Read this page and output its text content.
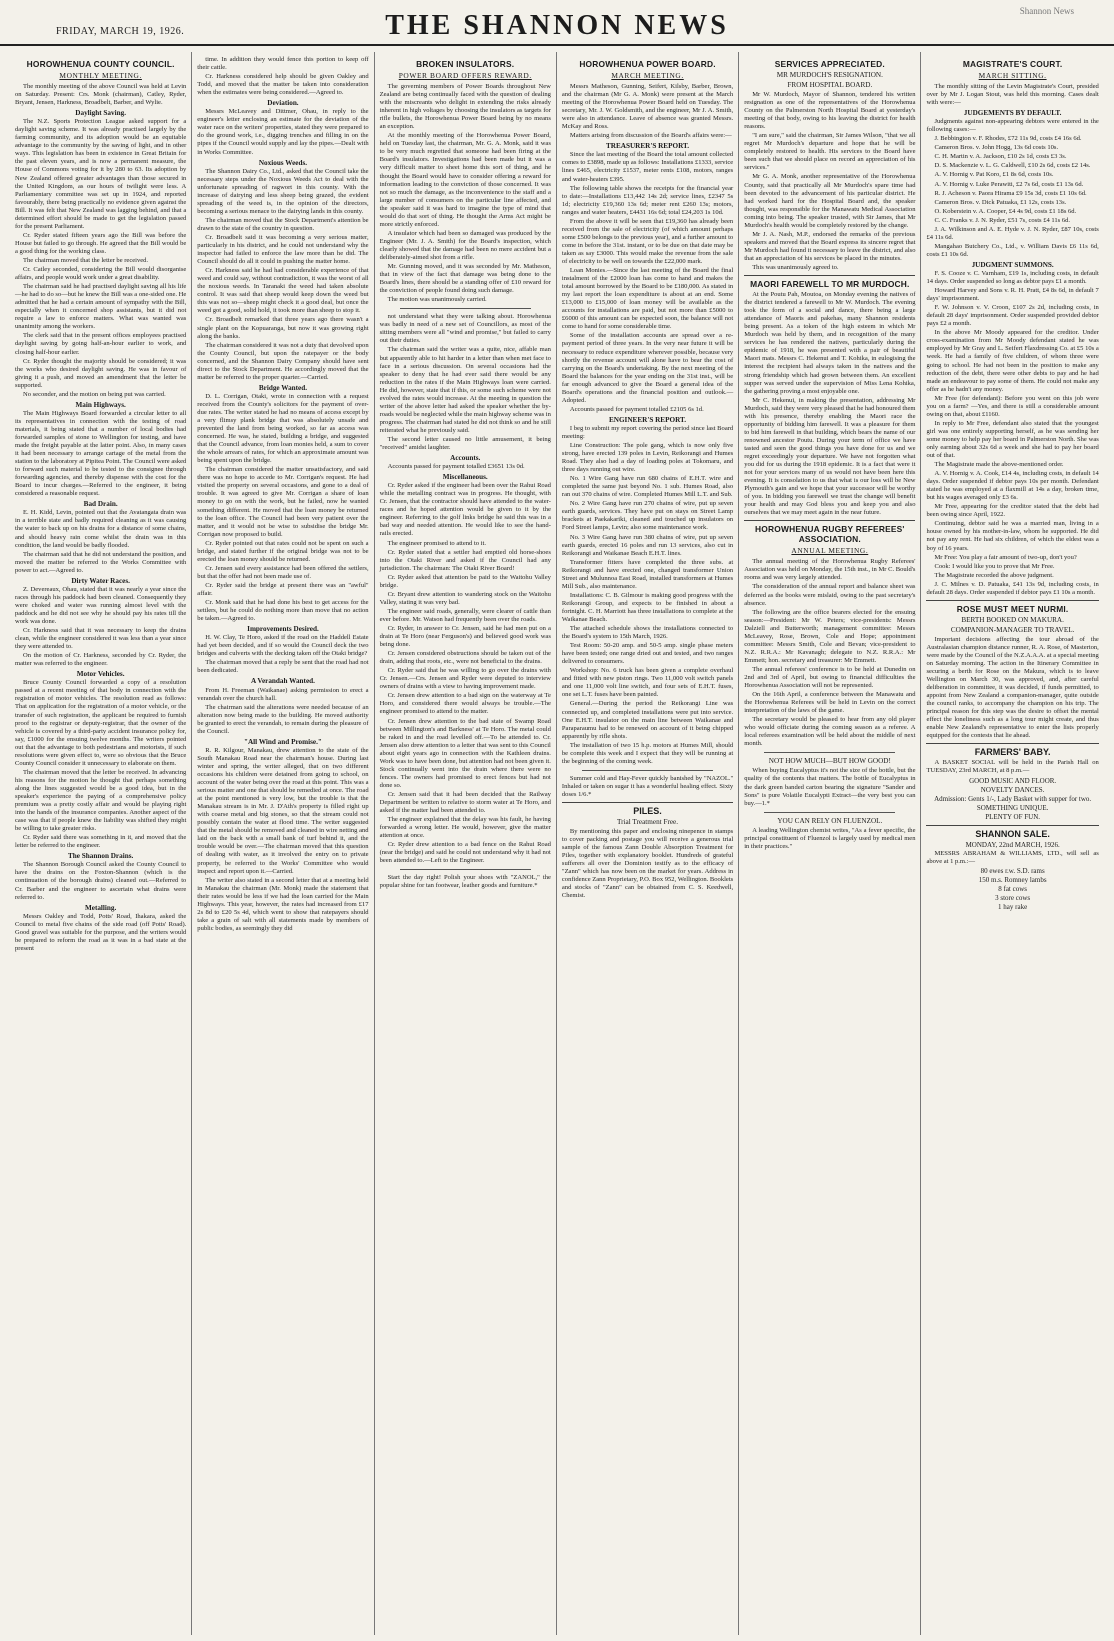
FRIDAY, MARCH 19, 1926.	THE SHANNON NEWS	Shannon News
HOROWHENUA COUNTY COUNCIL.
MONTHLY MEETING.

The monthly meeting of the above Council was held at Levin on Saturday. Present: Crs. Monk (chairman), Catley, Ryder, Bryant, Jensen, Harkness, Broadbelt, Barber, and Wylie.

Daylight Saving.

The N.Z. Sports Protection League asked support for a daylight saving scheme. It was already practised largely by the farming community, and its adoption would be an equitable advantage to the community by the saving of light, and in other ways. This legislation has been in existence in Great Britain for the past eleven years, and is now a permanent measure, the House of Commons voting for it by 280 to 63. Its adoption by New Zealand offered greater advantages than those secured in the United Kingdom, as our hours of twilight were less. A Parliamentary committee was set up in 1924, and reported favourably, there being practically no evidence given against the Bill. It was felt that New Zealand was lagging behind, and that a determined effort should be made to get the legislation passed for the present Parliament.

Cr. Ryder stated fifteen years ago the Bill was before the House but failed to go through. He agreed that the Bill would be a good thing for the working class.

The chairman moved that the letter be received.

Cr. Catley seconded, considering the Bill would disorganise affairs, and people would work under a great disability.

The chairman said he had practised daylight saving all his life—he had to do so—but he knew the Bill was a one-sided one. He admitted that he had a certain amount of sympathy with the Bill, especially when it concerned shop assistants, but it did not require a law to enforce matters. What was wanted was unanimity among the workers.

The clerk said that in the present offices employees practised daylight saving by going half-an-hour earlier to work, and closing half-hour earlier.

Cr. Ryder thought the majority should be considered; it was the works who desired daylight saving. He was in favour of giving it a push, and moved an amendment that the letter be supported.

No seconder, and the motion on being put was carried.

Main Highways.

The Main Highways Board forwarded a circular letter to all its representatives in connection with the testing of road materials, it being stated that a number of local bodies had forwarded samples of stone to Wellington for testing, and have made the freight payable at the latter point. Also, in many cases it had been necessary to arrange cartage of the metal from the station to the laboratory at Pipitea Point. The Council were asked to forward such material to be tested to the consignee through forwarding agencies, and thereby dispense with the cost for the Board to incur charges.—Referred to the engineer, it being considered a reasonable request.

Bad Drain.

E. H. Kidd, Levin, pointed out that the Avatangata drain was in a terrible state and badly required cleaning as it was causing the water to back up on his drains for a distance of some chains, and should heavy rain come whilst the drain was in this condition, the land would be badly flooded.

The chairman said that he did not understand the position, and moved the matter be referred to the Works Committee with power to act.—Agreed to.

Dirty Water Races.

Z. Devereaux, Ohau, stated that it was nearly a year since the races through his paddock had been cleaned. Consequently they were choked and water was running almost level with the paddock and he did not see why he should pay his rates till the work was done.

Cr. Harkness said that it was necessary to keep the drains clean, while the engineer considered it was less than a year since they were attended to.

On the motion of Cr. Harkness, seconded by Cr. Ryder, the matter was referred to the engineer.

Motor Vehicles.

Bruce County Council forwarded a copy of a resolution passed at a recent meeting of that body in connection with the registration of motor vehicles. The resolution read as follows: That on application for the registration of a motor vehicle, or the transfer of such registration, the applicant be required to furnish proof to the registrar or deputy-registrar, that the owner of the vehicle is covered by a third-party accident insurance policy for, say, £1000 for the ensuing twelve months. The writers pointed out that the advantage to both pedestrians and motorists, if such resolutions were given effect to, were so obvious that the Bruce County Council consider it unnecessary to elaborate on them.

The chairman moved that the letter be received. In advancing his reasons for the motion he thought that perhaps something along the lines suggested would be a good idea, but in the speaker's experience the paying of a comprehensive policy premium was a pretty costly affair and would be playing right into the hands of the insurance companies. Another aspect of the case was that if people knew the liability was shifted they might be willing to take greater risks.

Cr. Ryder said there was something in it, and moved that the letter be referred to the engineer.

The Shannon Drains.

The Shannon Borough Council asked the County Council to have the drains on the Foxton-Shannon (which is the continuation of the borough drains) cleaned out.—Referred to Cr. Barber and the engineer to ascertain what drains were referred to.

Metalling.

Messrs Oakley and Todd, Potts' Road, Ihakara, asked the Council to metal five chains of the side road (off Potts' Road). Good gravel was suitable for the purpose, and the writers would be prepared to reform the road as it was in a bad state at the present

time. In addition they would fence this portion to keep off their cattle.

Cr. Harkness considered help should be given Oakley and Todd, and moved that the matter be taken into consideration when the estimates were being considered.—Agreed to.

Deviation.

Messrs McLeavey and Dittmer, Ohau, in reply to the engineer's letter enclosing an estimate for the deviation of the water race on the writers' properties, stated they were prepared to do the ground work, i.e., digging trenches and filling in on the pipes if the Council would supply and lay the pipes.—Dealt with in Works Committee.

Noxious Weeds.

The Shannon Dairy Co., Ltd., asked that the Council take the necessary steps under the Noxious Weeds Act to deal with the unfortunate spreading of ragwort in this county. With the increase of dairying and less sheep being grazed, the evident spreading of the weed is, in the opinion of the directors, becoming a serious menace to the dairying lands in this county.

The chairman moved that the Stock Department's attention be drawn to the state of the country in question.

Cr. Broadbelt said it was becoming a very serious matter, particularly in his district, and he could not understand why the inspector had failed to enforce the law more than he did. The Council should do all it could in pushing the matter home.

Cr. Harkness said he had had considerable experience of that weed and could say, without contradiction, it was the worst of all the noxious weeds. In Taranaki the weed had taken absolute control. It was said that sheep would keep down the weed but this was not so—sheep might check it a good deal, but once the weed got a good, solid hold, it took more than sheep to stop it.

Cr. Broadbelt remarked that three years ago there wasn't a single plant on the Kopuaranga, but now it was growing right along the banks.

The chairman considered it was not a duty that devolved upon the County Council, but upon the ratepayer or the body concerned, and the Shannon Dairy Company should have sent direct to the Stock Department. He accordingly moved that the matter be referred to the proper quarter.—Carried.

Bridge Wanted.

D. L. Corrigan, Otaki, wrote in connection with a request received from the County's solicitors for the payment of over-due rates. The writer stated he had no means of access except by a very flimsy plank bridge that was absolutely unsafe and prevented the land from being worked, so far as access was concerned. He was, he stated, building a bridge, and suggested that the Council advance, from loan monies held, a sum to cover the whole arrears of rates, for which an approximate amount was being spent upon the bridge.

The chairman considered the matter unsatisfactory, and said there was no hope to accede to Mr. Corrigan's request. He had visited the property on several occasions, and gone to a deal of trouble. It was agreed to give Mr. Corrigan a share of loan money to go on with the work, but he failed, now he wanted something different. He moved that the loan money be returned to the loan office. The Council had been very patient over the matter, and it would not be wise to subsidise the bridge Mr. Corrigan now proposed to build.

Cr. Ryder pointed out that rates could not be spent on such a bridge, and stated further if the original bridge was not to be erected the loan money should be returned.

Cr. Jensen said every assistance had been offered the settlers, but that the offer had not been made use of.

Cr. Ryder said the bridge at present there was an "awful" affair.

Cr. Monk said that he had done his best to get access for the settlers, but he could do nothing more than move that no action be taken.—Agreed to.

Improvements Desired.

H. W. Clay, Te Horo, asked if the road on the Haddell Estate had yet been decided, and if so would the Council deck the two bridges and culverts with the decking taken off the Otaki bridge?

The chairman moved that a reply be sent that the road had not been dedicated.

A Verandah Wanted.

From H. Freeman (Waikanae) asking permission to erect a verandah over the church hall.

The chairman said the alterations were needed because of an alteration now being made to the building. He moved authority be granted to erect the verandah, to remain during the pleasure of the Council.

"All Wind and Promise."

R. R. Kilgour, Manakau, drew attention to the state of the South Manakau Road near the chairman's house. During last winter and spring, the writer alleged, that on two different occasions his children were detained from going to school, on account of the water being over the road at this point. This was a serious matter and one that should be remedied at once. The road at the point mentioned is very low, but the trouble is that the Manakau stream is in Mr. J. D'Ath's property is filled right up with coarse metal and big stones, so that the stream could not possibly contain the water at flood time. The writer suggested that the metal should be removed and cleaned in wire netting and laid on the back with a small bank of turf behind it, and the trouble would be over.—The chairman moved that this question of dealing with water, as it involved the entry on to private property, be referred to the Works' Committee who would inspect and report upon it.—Carried.

The writer also stated in a second letter that at a meeting held in Manakau the chairman (Mr. Monk) made the statement that their rates would be less if we had the loan carried for the Main Highways. This year, however, the rates had increased from £17 2s 8d to £20 5s 4d, which went to show that ratepayers should take a grain of salt with all statements made by members of public bodies, as seemingly they did

BROKEN INSULATORS.
POWER BOARD OFFERS REWARD.

The governing members of Power Boards throughout New Zealand are being continually faced with the question of dealing with the miscreants who delight in extending the risks already inherent in high voltages by choosing the insulators as targets for rifle bullets, the Horowhenua Power Board being by no means an exception.

At the monthly meeting of the Horowhenua Power Board, held on Tuesday last, the chairman, Mr. G. A. Monk, said it was to be very much regretted that someone had been firing at the Board's insulators. Investigations had been made but it was a very difficult matter to sheet home this sort of thing, and he thought the Board would have to consider offering a reward for information leading to the conviction of those concerned. It was not so much the damage, as the inconvenience to the staff and a large number of consumers on the particular line affected, and the speaker said it was hard to imagine the type of mind that would do that sort of thing. He thought the Arms Act might be more strictly enforced.

A insulator which had been so damaged was produced by the Engineer (Mr. J. A. Smith) for the Board's inspection, which clearly showed that the damage had been no mere accident but a deliberately-aimed shot from a rifle.

Mr. Gunning moved, and it was seconded by Mr. Matheson, that in view of the fact that damage was being done to the Board's lines, there should be a standing offer of £10 reward for the conviction of people found doing such damage.

The motion was unanimously carried.

not understand what they were talking about. Horowhenua was badly in need of a new set of Councillors, as most of the sitting members were all "wind and promise," but failed to carry out their duties.

The chairman said the writer was a quite, nice, affable man but apparently able to hit harder in a letter than when met face to face in a serious discussion. On several occasions had the speaker to deny that he had ever said there would be any reduction in the rates if the Main Highways loan were carried. He did, however, state that if this, or some such scheme were not evolved the rates would increase. At the meeting in question the writer of the above letter had asked the speaker whether the by-roads would be neglected while the main highway scheme was in progress. The chairman had stated he did not think so and he still reiterated what he previously said.

The second letter caused no little amusement, it being "received" amidst laughter.

Accounts.

Accounts passed for payment totalled £3651 13s 0d.

Miscellaneous.

Cr. Ryder asked if the engineer had been over the Rahui Road while the metalling contract was in progress. He thought, with Cr. Jensen, that the contractor should have attended to the water-races and he hoped attention would be given to it by the engineer. Referring to the golf links bridge he said this was in a bad way and needed attention. He would like to see the hand-rails erected.

The engineer promised to attend to it.

Cr. Ryder stated that a settler had emptied old horse-shoes into the Otaki River and asked if the Council had any jurisdiction. The chairman: The Otaki River Board!

Cr. Ryder asked that attention be paid to the Waitohu Valley bridge.

Cr. Bryant drew attention to wandering stock on the Waitohu Valley, stating it was very bad.

The engineer said roads, generally, were clearer of cattle than ever before. Mr. Watson had frequently been over the roads.

Cr. Ryder, in answer to Cr. Jensen, said he had men put on a drain at Te Horo (near Ferguson's) and believed good work was being done.

Cr. Jensen considered obstructions should be taken out of the drain, adding that roots, etc., were not beneficial to the drains.

Cr. Ryder said that he was willing to go over the drains with Cr. Jensen.—Crs. Jensen and Ryder were deputed to interview owners of drains with a view to having improvement made.

Cr. Jensen drew attention to a bad sign on the waterway at Te Horo, and considered there would always be trouble.—The engineer promised to attend to the matter.

Cr. Jensen drew attention to the bad state of Swamp Road between Millington's and Barkness' at Te Horo. The metal could be raked in and the road levelled off.—To be attended to. Cr. Jensen also drew attention to a letter that was sent to this Council about eight years ago in connection with the Kathleen drains. Work was to have been done, but attention had not been given it. Stock continually went into the drain where there were no fences. The owners had promised to erect fences but had not done so.

Cr. Jensen said that it had been decided that the Railway Department be written to relative to storm water at Te Horo, and asked if the matter had been attended to.

The engineer explained that the delay was his fault, he having forwarded a wrong letter. He would, however, give the matter attention at once.

Cr. Ryder drew attention to a bad fence on the Rahui Road (near the bridge) and said he could not understand why it had not been attended to.—Left to the Engineer.

Start the day right! Polish your shoes with "ZANOL," the popular shine for tan footwear, leather goods and furniture.*

HOROWHENUA POWER BOARD.
MARCH MEETING.

Messrs Matheson, Gunning, Seifert, Kilsby, Barber, Brown, and the chairman (Mr G. A. Monk) were present at the March meeting of the Horowhenua Power Board held on Tuesday. The secretary, Mr. J. W. Goldsmith, and the engineer, Mr J. A. Smith, were also in attendance. Leave of absence was granted Messrs. McKay and Ross.

Matters arising from discussion of the Board's affairs were:—

TREASURER'S REPORT.

Since the last meeting of the Board the total amount collected comes to £3898, made up as follows: Installations £1333, service lines £465, electricity £1537, meter rents £108, motors, ranges and water-heaters £395.

The following table shows the receipts for the financial year to date:—Installations £13,442 14s 2d; service lines, £2347 5s 1d; electricity £19,360 13s 6d; meter rent £260 13s; motors, ranges and water heaters, £4431 16s 6d; total £24,203 1s 10d.

From the above it will be seen that £19,360 has already been received from the sale of electricity (of which amount perhaps some £500 belongs to the previous year), and a further amount to come in before the 31st. instant, or to be due on that date may be taken as say £3000. This would make the revenue from the sale of electricity to be well on towards the £22,000 mark.

Loan Monies.—Since the last meeting of the Board the final instalment of the £2000 loan has come to hand and makes the total amount borrowed by the Board to be £180,000. As stated in my last report the loan expenditure is about at an end. Some £13,000 to £15,000 of loan money will be available as the accounts for installations are paid, but not more than £5000 to £6000 of this amount can be expected soon, the balance will not come to hand for some considerable time.

Some of the installation accounts are spread over a re-payment period of three years. In the very near future it will be necessary to reduce expenditure wherever possible, because very shortly the revenue account will alone have to bear the cost of carrying on the Board's undertaking. By the next meeting of the Board the balances for the year ending on the 31st inst., will be far enough advanced to give the Board a general idea of the Board's operations and the financial position and outlook.—Adopted.

Accounts passed for payment totalled £2105 6s 1d.

ENGINEER'S REPORT.

I beg to submit my report covering the period since last Board meeting:

Line Construction: The pole gang, which is now only five strong, have erected 139 poles in Levin, Reikorangi and Humes Road. They also had a day of loading poles at Tokomaru, and three days running out wire.

No. 1 Wire Gang have run 680 chains of E.H.T. wire and completed the same just beyond No. 1 sub. Humes Road, also ran out 370 chains of wire. Completed Humes Mill L.T. and Sub.

No. 2 Wire Gang have run 270 chains of wire, put up seven earth guards, services. They have put on stays on Street Lamp brackets at Paekakariki, cleaned and touched up insulators on Ford Street lamps, Levin; also some maintenance work.

No. 3 Wire Gang have run 380 chains of wire, put up seven earth guards, erected 16 poles and run 13 services, also cut in Reikorangi and Waikanae Beach E.H.T. lines.

Transformer fitters have completed the three subs. at Reikorangi and have erected one, changed transformer Union Street and Mulunnoa East Road, installed transformers at Humes Mill Sub., also maintenance.

Installations: C. B. Gilmour is making good progress with the Reikorangi Group, and expects to be finished in about a fortnight. C. H. Marriott has three installations to complete at the Waikanae Beach.

The attached schedule shows the installations connected to the Board's system to 15th March, 1926.

Test Room: 50-20 amp. and 50-5 amp. single phase meters have been tested; one range dried out and tested, and two ranges delivered to consumers.

Workshop: No. 6 truck has been given a complete overhaul and fitted with new piston rings. Two 11,000 volt switch panels and one 11,000 volt line switch, and four sets of E.H.T. fuses, one set L.T. fuses have been painted.

General.—During the period the Reikorangi Line was connected up, and completed installations were put into service. One E.H.T. insulator on the main line between Waikanae and Paraparaumu had to be renewed on account of it being chipped apparently by rifle shots.

The installation of two 15 h.p. motors at Humes Mill, should be complete this week and I expect that they will be running at the beginning of the coming week.

Summer cold and Hay-Fever quickly banished by "NAZOL." Inhaled or taken on sugar it has a wonderful healing effect. Sixty doses 1/6.*

PILES.
Trial Treatment Free.

By mentioning this paper and enclosing ninepence in stamps to cover packing and postage you will receive a generous trial sample of the famous Zann Double Absorption Treatment for Piles, together with explanatory booklet. Hundreds of grateful sufferers all over the Dominion testify as to the efficacy of "Zann" which has now been on the market for years. Address in confidence Zann Proprietary, P.O. Box 952, Wellington. Booklets and stocks of "Zann" can be obtained from C. S. Keedwell, Chemist.

SERVICES APPRECIATED.
MR MURDOCH'S RESIGNATION.
FROM HOSPITAL BOARD.

Mr W. Murdoch, Mayor of Shannon, tendered his written resignation as one of the representatives of the Horowhenua County on the Palmerston North Hospital Board at yesterday's meeting of that body, owing to his leaving the district for health reasons.

"I am sure," said the chairman, Sir James Wilson, "that we all regret Mr Murdoch's departure and hope that he will be completely restored to health. His services to the Board have been such that we should place on record an appreciation of his services."

Mr G. A. Monk, another representative of the Horowhenua County, said that practically all Mr Murdoch's spare time had been devoted to the advancement of his particular district. He had worked hard for the Hospital Board and, the speaker thought, was responsible for the Manawatu Medical Association coming into being. The speaker trusted, with Sir James, that Mr Murdoch's health would be completely restored by the change.

Mr J. A. Nash, M.P., endorsed the remarks of the previous speakers and moved that the Board express its sincere regret that Mr Murdoch had found it necessary to leave the district, and also that an appreciation of his services be placed in the minutes.

This was unanimously agreed to.

MAORI FAREWELL TO MR MURDOCH.

At the Poutu Pah, Moutoa, on Monday evening the natives of the district tendered a farewell to Mr W. Murdoch. The evening took the form of a social and dance, there being a large attendance of Maoris and pakehas, many Shannon residents being present. As a token of the high esteem in which Mr Murdoch was held by them, and in recognition of the many services he has rendered the natives, particularly during the epidemic of 1918, he was presented with a pair of beautiful Maori mats. Messrs C. Hekenui and T. Kohika, in eulogising the interest the recipient had always taken in the natives and the strong friendship which had grown between them. An excellent supper was served under the supervision of Miss Lena Kohika, the gathering proving a most enjoyable one.

Mr C. Hekenui, in making the presentation, addressing Mr Murdoch, said they were very pleased that he had honoured them with his presence, thereby enabling the Maori race the opportunity of bidding him farewell. It was a pleasure for them to bid him farewell in that building, which bears the name of our renowned ancestor Poutu. During your term of office we have tasted and seen the good things you have done for us and we regret exceedingly your departure. We have not forgotten what you did for us during the 1918 epidemic. It is a fact that were it not for your services many of us would not have been here this evening. It is consolation to us that what is our loss will be New Plymouth's gain and we hope that your successor will be worthy of you. In bidding you farewell we trust the change will benefit your health and may God bless you and keep you and also ourselves that we may meet again in the near future.

HOROWHENUA RUGBY REFEREES' ASSOCIATION.
ANNUAL MEETING.

The annual meeting of the Horowhenua Rugby Referees' Association was held on Monday, the 15th inst., in Mr C. Bould's rooms and was very largely attended.

The consideration of the annual report and balance sheet was deferred as the books were mislaid, owing to the past secretary's absence.

The following are the office bearers elected for the ensuing season:—President: Mr W. Peters; vice-presidents: Messrs Dalziell and Butterworth; management committee: Messrs McLeavey, Rose, Brown, Cole and Hope; appointment committee: Messrs Smith, Cole and Bevan; vice-president to N.Z. R.R.A.: Mr Kavanagh; delegate to N.Z. R.R.A.: Mr Emmett; hon. secretary and treasurer: Mr Emmett.

The annual referees' conference is to be held at Dunedin on 2nd and 3rd of April, but owing to financial difficulties the Horowhenua Association will not be represented.

On the 16th April, a conference between the Manawatu and the Horowhenua Referees will be held in Levin on the correct interpretation of the laws of the game.

The secretary would be pleased to hear from any old player who would officiate during the coming season as a referee. A local referees examination will be held about the middle of next month.

NOT HOW MUCH—BUT HOW GOOD!

When buying Eucalyptus it's not the size of the bottle, but the quality of the contents that matters. The bottle of Eucalyptus in the dark green banded carton bearing the signature "Sander and Sons" is pure Volatile Eucalypti Extract—the very best you can buy.—1.*

YOU CAN RELY ON FLUENZOL.

A leading Wellington chemist writes, "As a fever specific, the principal constituent of Fluenzol is largely used by medical men in their practices."

MAGISTRATE'S COURT.
MARCH SITTING.

The monthly sitting of the Levin Magistrate's Court, presided over by Mr J. Logan Stout, was held this morning. Cases dealt with were:—

JUDGEMENTS BY DEFAULT.

Judgments against non-appearing debtors were entered in the following cases:—

J. Bebbington v. F. Rhodes, £72 11s 9d, costs £4 16s 6d.

Cameron Bros. v. John Hogg, 13s 6d costs 10s.

C. H. Martin v. A. Jackson, £10 2s 1d, costs £3 3s.

D. S. Mackenzie v. L. G. Caldwell, £10 2s 6d, costs £2 14s.

A. V. Hornig v. Pat Koro, £1 8s 6d, costs 10s.

A. V. Hornig v. Luke Perawiti, £2 7s 6d, costs £1 13s 6d.

R. J. Acheson v. Paora Hirama £9 15s 3d, costs £1 10s 6d.

Cameron Bros. v. Dick Patuaka, £1 12s, costs 13s.

O. Koberstein v. A. Cooper, £4 4s 9d, costs £1 18s 6d.

C. C. Franks v. J. N. Ryder, £51 7s, costs £4 11s 6d.

J. A. Wilkinson and A. E. Hyde v. J. N. Ryder, £87 10s, costs £4 11s 6d.

Mangahao Butchery Co., Ltd., v. William Davis £6 11s 6d, costs £1 10s 6d.

JUDGMENT SUMMONS.

F. S. Cooze v. C. Varnham, £19 1s, including costs, in default 14 days. Order suspended so long as debtor pays £1 a month.

Howard Harvey and Sons v. R. H. Pratt, £4 8s 6d, in default 7 days' imprisonment.

F. W. Johnson v. V. Croon, £107 2s 2d, including costs, in default 28 days' imprisonment. Order suspended provided debtor pays £2 a month.

In the above Mr Moody appeared for the creditor. Under cross-examination from Mr Moody defendant stated he was employed by Mr Gray and L. Seifert Flaxdressing Co. at £5 10s a week. He had a family of five children, of whom three were going to school. He had not been in the position to make any reduction of the debt, there were other debts to pay and he had made an endeavour to pay some of them. He could not make any offer as he hadn't any money.

Mr Free (for defendant): Before you went on this job were you on a farm? —Yes, and there is still a considerable amount owing on that, about £1160.

In reply to Mr Free, defendant also stated that the youngest girl was one entirely supporting herself, as he was sending her some money to help pay her board in Palmerston North. She was only earning about 32s 6d a week and she had to pay her board out of that.

The Magistrate made the above-mentioned order.

A. V. Hornig v. A. Cook, £14 4s, including costs, in default 14 days. Order suspended if debtor pays 10s per month. Defendant stated he was employed at a flaxmill at 14s a day, broken time, but his wages averaged only £3 6s.

Mr Free, appearing for the creditor stated that the debt had been owing since April, 1922.

Continuing, debtor said he was a married man, living in a house owned by his mother-in-law, whom he supported. He did not pay any rent. He had six children, of which the eldest was a boy of 16 years.

Mr Free: You play a fair amount of two-up, don't you?

Cook: I would like you to prove that Mr Free.

The Magistrate recorded the above judgment.

J. C. Milnes v. D. Patuaka, £41 13s 9d, including costs, in default 28 days. Order suspended if debtor pays £1 10s a month.

ROSE MUST MEET NURMI.
BERTH BOOKED ON MAKURA.
COMPANION-MANAGER TO TRAVEL.

Important decisions affecting the tour abroad of the Australasian champion distance runner, R. A. Rose, of Masterton, were made by the Council of the N.Z.A.A.A. at a special meeting on Saturday morning. The action in the Itinerary Committee in securing a berth for Rose on the Makura, which is to leave Wellington on March 30, was approved, and, after careful deliberation in committee, it was decided, if funds permitted, to appoint from New Zealand a companion-manager, quite outside the council ranks, to accompany the champion on his trip. The principal reason for this step was the desire to offset the mental effect the loneliness such as a long tour might create, and thus enable New Zealand's representative to enter the lists properly equipped for the contests that lie ahead.

FARMERS' BABY.

A BASKET SOCIAL will be held in the Parish Hall on TUESDAY, 23rd MARCH, at 8 p.m.—

GOOD MUSIC AND FLOOR.
NOVELTY DANCES.
Admission: Gents 1/-, Lady Basket with supper for two.
SOMETHING UNIQUE.
PLENTY OF FUN.
SHANNON SALE.
MONDAY, 22nd MARCH, 1926.

MESSRS ABRAHAM & WILLIAMS, LTD., will sell as above at 1 p.m.:—

80 ewes r.w. S.D. rams
150 m.s. Romney lambs
8 fat cows
3 store cows
1 hay rake
